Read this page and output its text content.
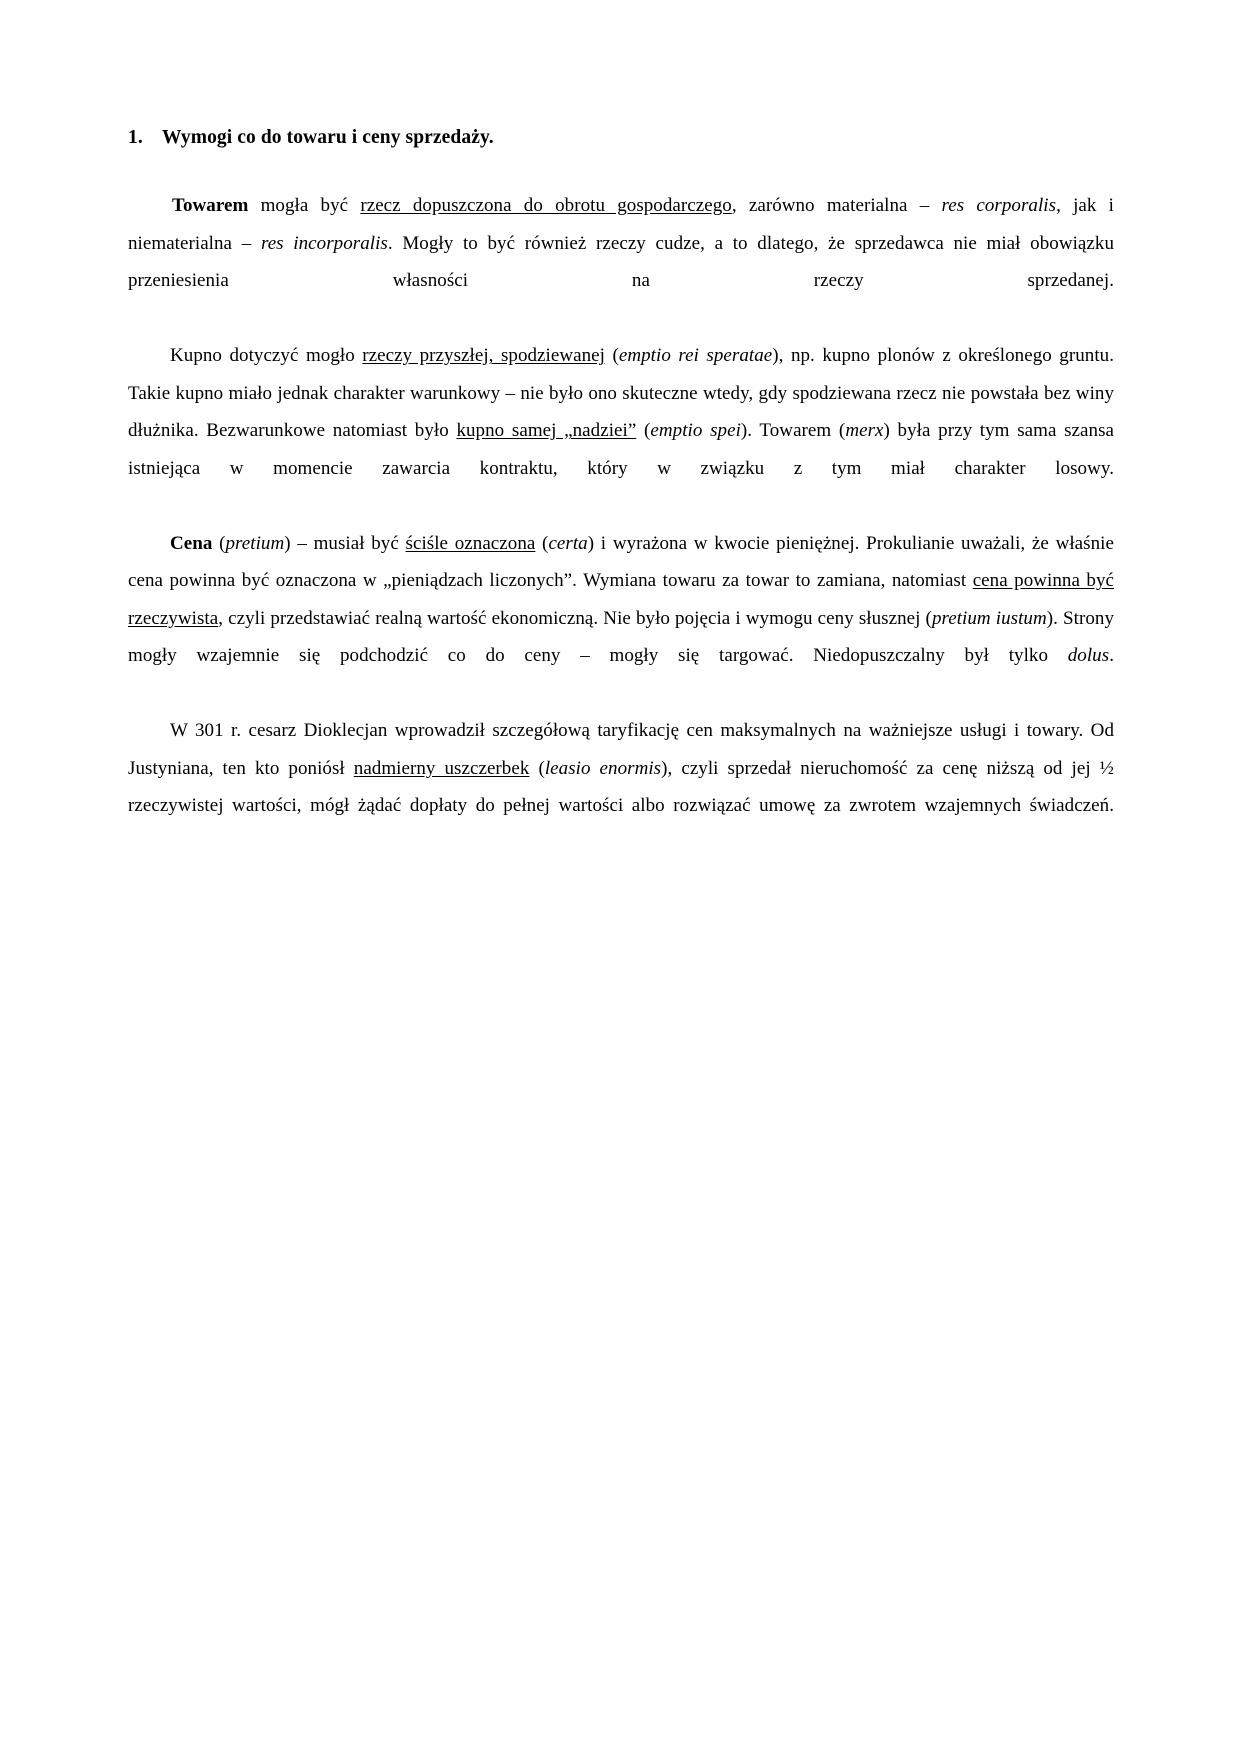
1. Wymogi co do towaru i ceny sprzedaży.

Towarem mogła być rzecz dopuszczona do obrotu gospodarczego, zarówno materialna – res corporalis, jak i niematerialna – res incorporalis. Mogły to być również rzeczy cudze, a to dlatego, że sprzedawca nie miał obowiązku przeniesienia własności na rzeczy sprzedanej.

Kupno dotyczyć mogło rzeczy przyszłej, spodziewanej (emptio rei speratae), np. kupno plonów z określonego gruntu. Takie kupno miało jednak charakter warunkowy – nie było ono skuteczne wtedy, gdy spodziewana rzecz nie powstała bez winy dłużnika. Bezwarunkowe natomiast było kupno samej „nadziei” (emptio spei). Towarem (merx) była przy tym sama szansa istniejąca w momencie zawarcia kontraktu, który w związku z tym miał charakter losowy.

Cena (pretium) – musiał być ściśle oznaczona (certa) i wyrażona w kwocie pieniężnej. Prokulianie uważali, że właśnie cena powinna być oznaczona w „pieniądzach liczonych”. Wymiana towaru za towar to zamiana, natomiast cena powinna być rzeczywista, czyli przedstawiać realną wartość ekonomiczną. Nie było pojęcia i wymogu ceny słusznej (pretium iustum). Strony mogły wzajemnie się podchodzić co do ceny – mogły się targować. Niedopuszczalny był tylko dolus.

W 301 r. cesarz Dioklecjan wprowadził szczegółową taryfikację cen maksymalnych na ważniejsze usługi i towary. Od Justyniana, ten kto poniósł nadmierny uszczerbek (leasio enormis), czyli sprzedał nieruchomość za cenę niższą od jej ½ rzeczywistej wartości, mógł żądać dopłaty do pełnej wartości albo rozwiązać umowę za zwrotem wzajemnych świadczeń.
